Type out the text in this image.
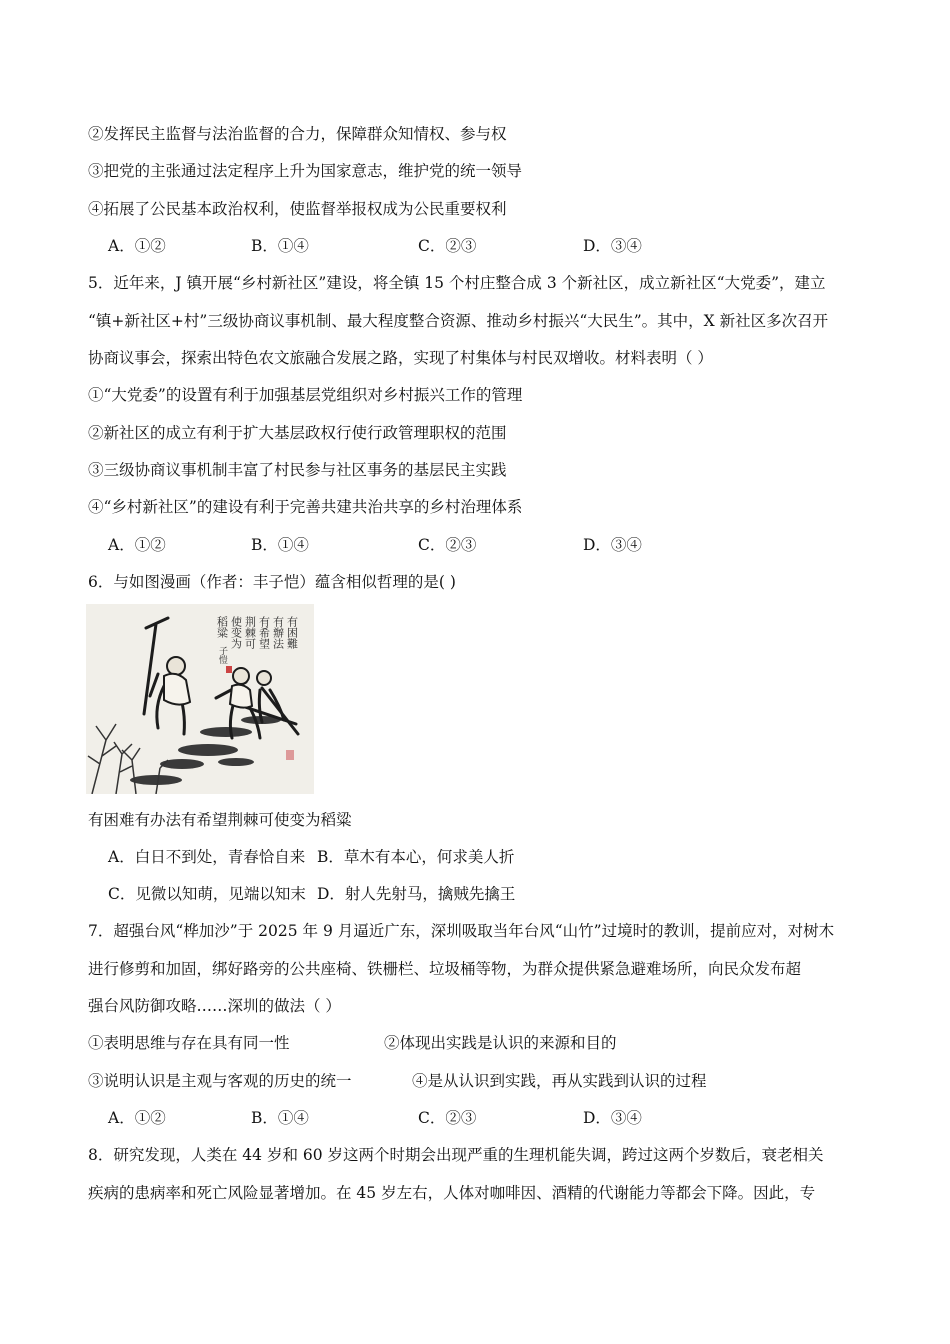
②发挥民主监督与法治监督的合力，保障群众知情权、参与权
③把党的主张通过法定程序上升为国家意志，维护党的统一领导
④拓展了公民基本政治权利，使监督举报权成为公民重要权利
A．①②	B．①④	C．②③	D．③④
5．近年来，J 镇开展“乡村新社区”建设，将全镇 15 个村庄整合成 3 个新社区，成立新社区“大党委”，建立
“镇+新社区+村”三级协商议事机制、最大程度整合资源、推动乡村振兴“大民生”。其中，X 新社区多次召开
协商议事会，探索出特色农文旅融合发展之路，实现了村集体与村民双增收。材料表明（ ）
①“大党委”的设置有利于加强基层党组织对乡村振兴工作的管理
②新社区的成立有利于扩大基层政权行使行政管理职权的范围
③三级协商议事机制丰富了村民参与社区事务的基层民主实践
④“乡村新社区”的建设有利于完善共建共治共享的乡村治理体系
A．①②	B．①④	C．②③	D．③④
6．与如图漫画（作者：丰子恺）蕴含相似哲理的是( )
有困難
有辦法
有希望
荆棘可
使变为
稻粱
子愷
有困难有办法有希望荆棘可使变为稻粱
A．白日不到处，青春恰自来 B．草木有本心，何求美人折
C．见微以知萌，见端以知末 D．射人先射马，擒贼先擒王
7．超强台风“桦加沙”于 2025 年 9 月逼近广东，深圳吸取当年台风“山竹”过境时的教训，提前应对，对树木
进行修剪和加固，绑好路旁的公共座椅、铁栅栏、垃圾桶等物，为群众提供紧急避难场所，向民众发布超
强台风防御攻略……深圳的做法（ ）
①表明思维与存在具有同一性	②体现出实践是认识的来源和目的
③说明认识是主观与客观的历史的统一	④是从认识到实践，再从实践到认识的过程
A．①②	B．①④	C．②③	D．③④
8．研究发现，人类在 44 岁和 60 岁这两个时期会出现严重的生理机能失调，跨过这两个岁数后，衰老相关
疾病的患病率和死亡风险显著增加。在 45 岁左右，人体对咖啡因、酒精的代谢能力等都会下降。因此，专
